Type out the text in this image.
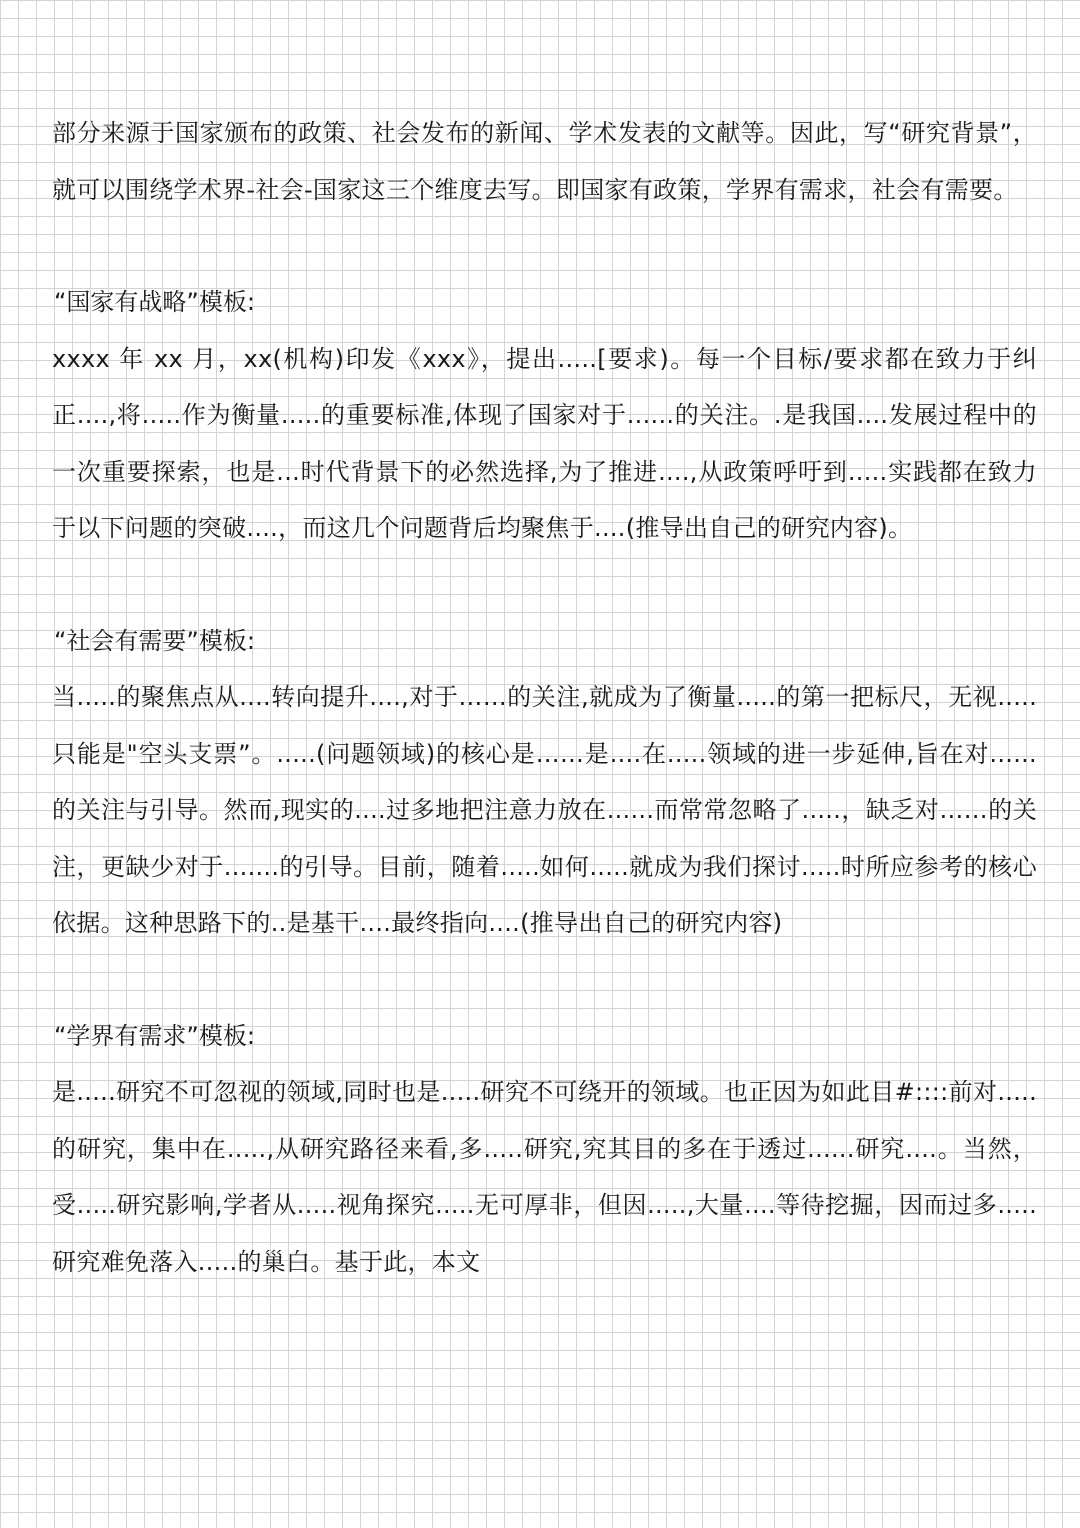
部分来源于国家颁布的政策、社会发布的新闻、学术发表的文献等。因此，写“研究背景”，就可以围绕学术界-社会-国家这三个维度去写。即国家有政策，学界有需求，社会有需要。

“国家有战略”模板:

xxxx 年 xx 月，xx(机构)印发《xxx》，提出.....[要求)。每一个目标/要求都在致力于纠正....,将.....作为衡量.....的重要标准,体现了国家对于......的关注。.是我国....发展过程中的一次重要探索，也是...时代背景下的必然选择,为了推进....,从政策呼吁到.....实践都在致力于以下问题的突破....，而这几个问题背后均聚焦于....(推导出自己的研究内容)。

“社会有需要”模板:

当.....的聚焦点从....转向提升....,对于……的关注,就成为了衡量.....的第一把标尺，无视.....只能是"空头支票”。.....(问题领域)的核心是……是....在.....领域的进一步延伸,旨在对......的关注与引导。然而,现实的....过多地把注意力放在......而常常忽略了.....，缺乏对……的关注，更缺少对于.......的引导。目前，随着.....如何.....就成为我们探讨.....时所应参考的核心依据。这种思路下的..是基干....最终指向....(推导出自己的研究内容)

“学界有需求”模板:

是.....研究不可忽视的领域,同时也是.....研究不可绕开的领域。也正因为如此目#::::前对.....的研究，集中在.....,从研究路径来看,多.....研究,究其目的多在于透过......研究....。当然，受.....研究影响,学者从.....视角探究.....无可厚非，但因.....,大量....等待挖掘，因而过多.....研究难免落入.....的巢白。基于此，本文
